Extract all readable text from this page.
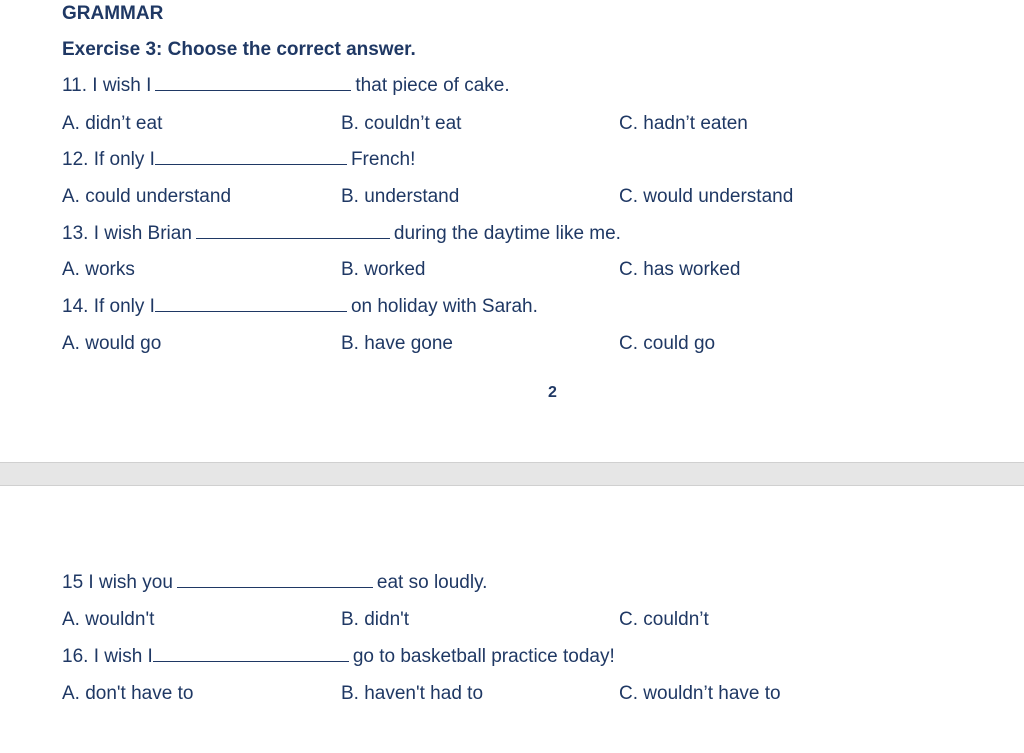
GRAMMAR
Exercise 3: Choose the correct answer.
11. I wish I	that piece of cake.
A. didn’t eat	B. couldn’t eat	C. hadn’t eaten
12. If only I	French!
A. could understand	B. understand	C. would understand
13. I wish Brian	during the daytime like me.
A. works	B. worked	C. has worked
14. If only I	on holiday with Sarah.
A. would go	B. have gone	C. could go
2
15 I wish you	eat so loudly.
A. wouldn't	B. didn't	C. couldn’t
16. I wish I	go to basketball practice today!
A. don't have to	B. haven't had to	C. wouldn’t have to
